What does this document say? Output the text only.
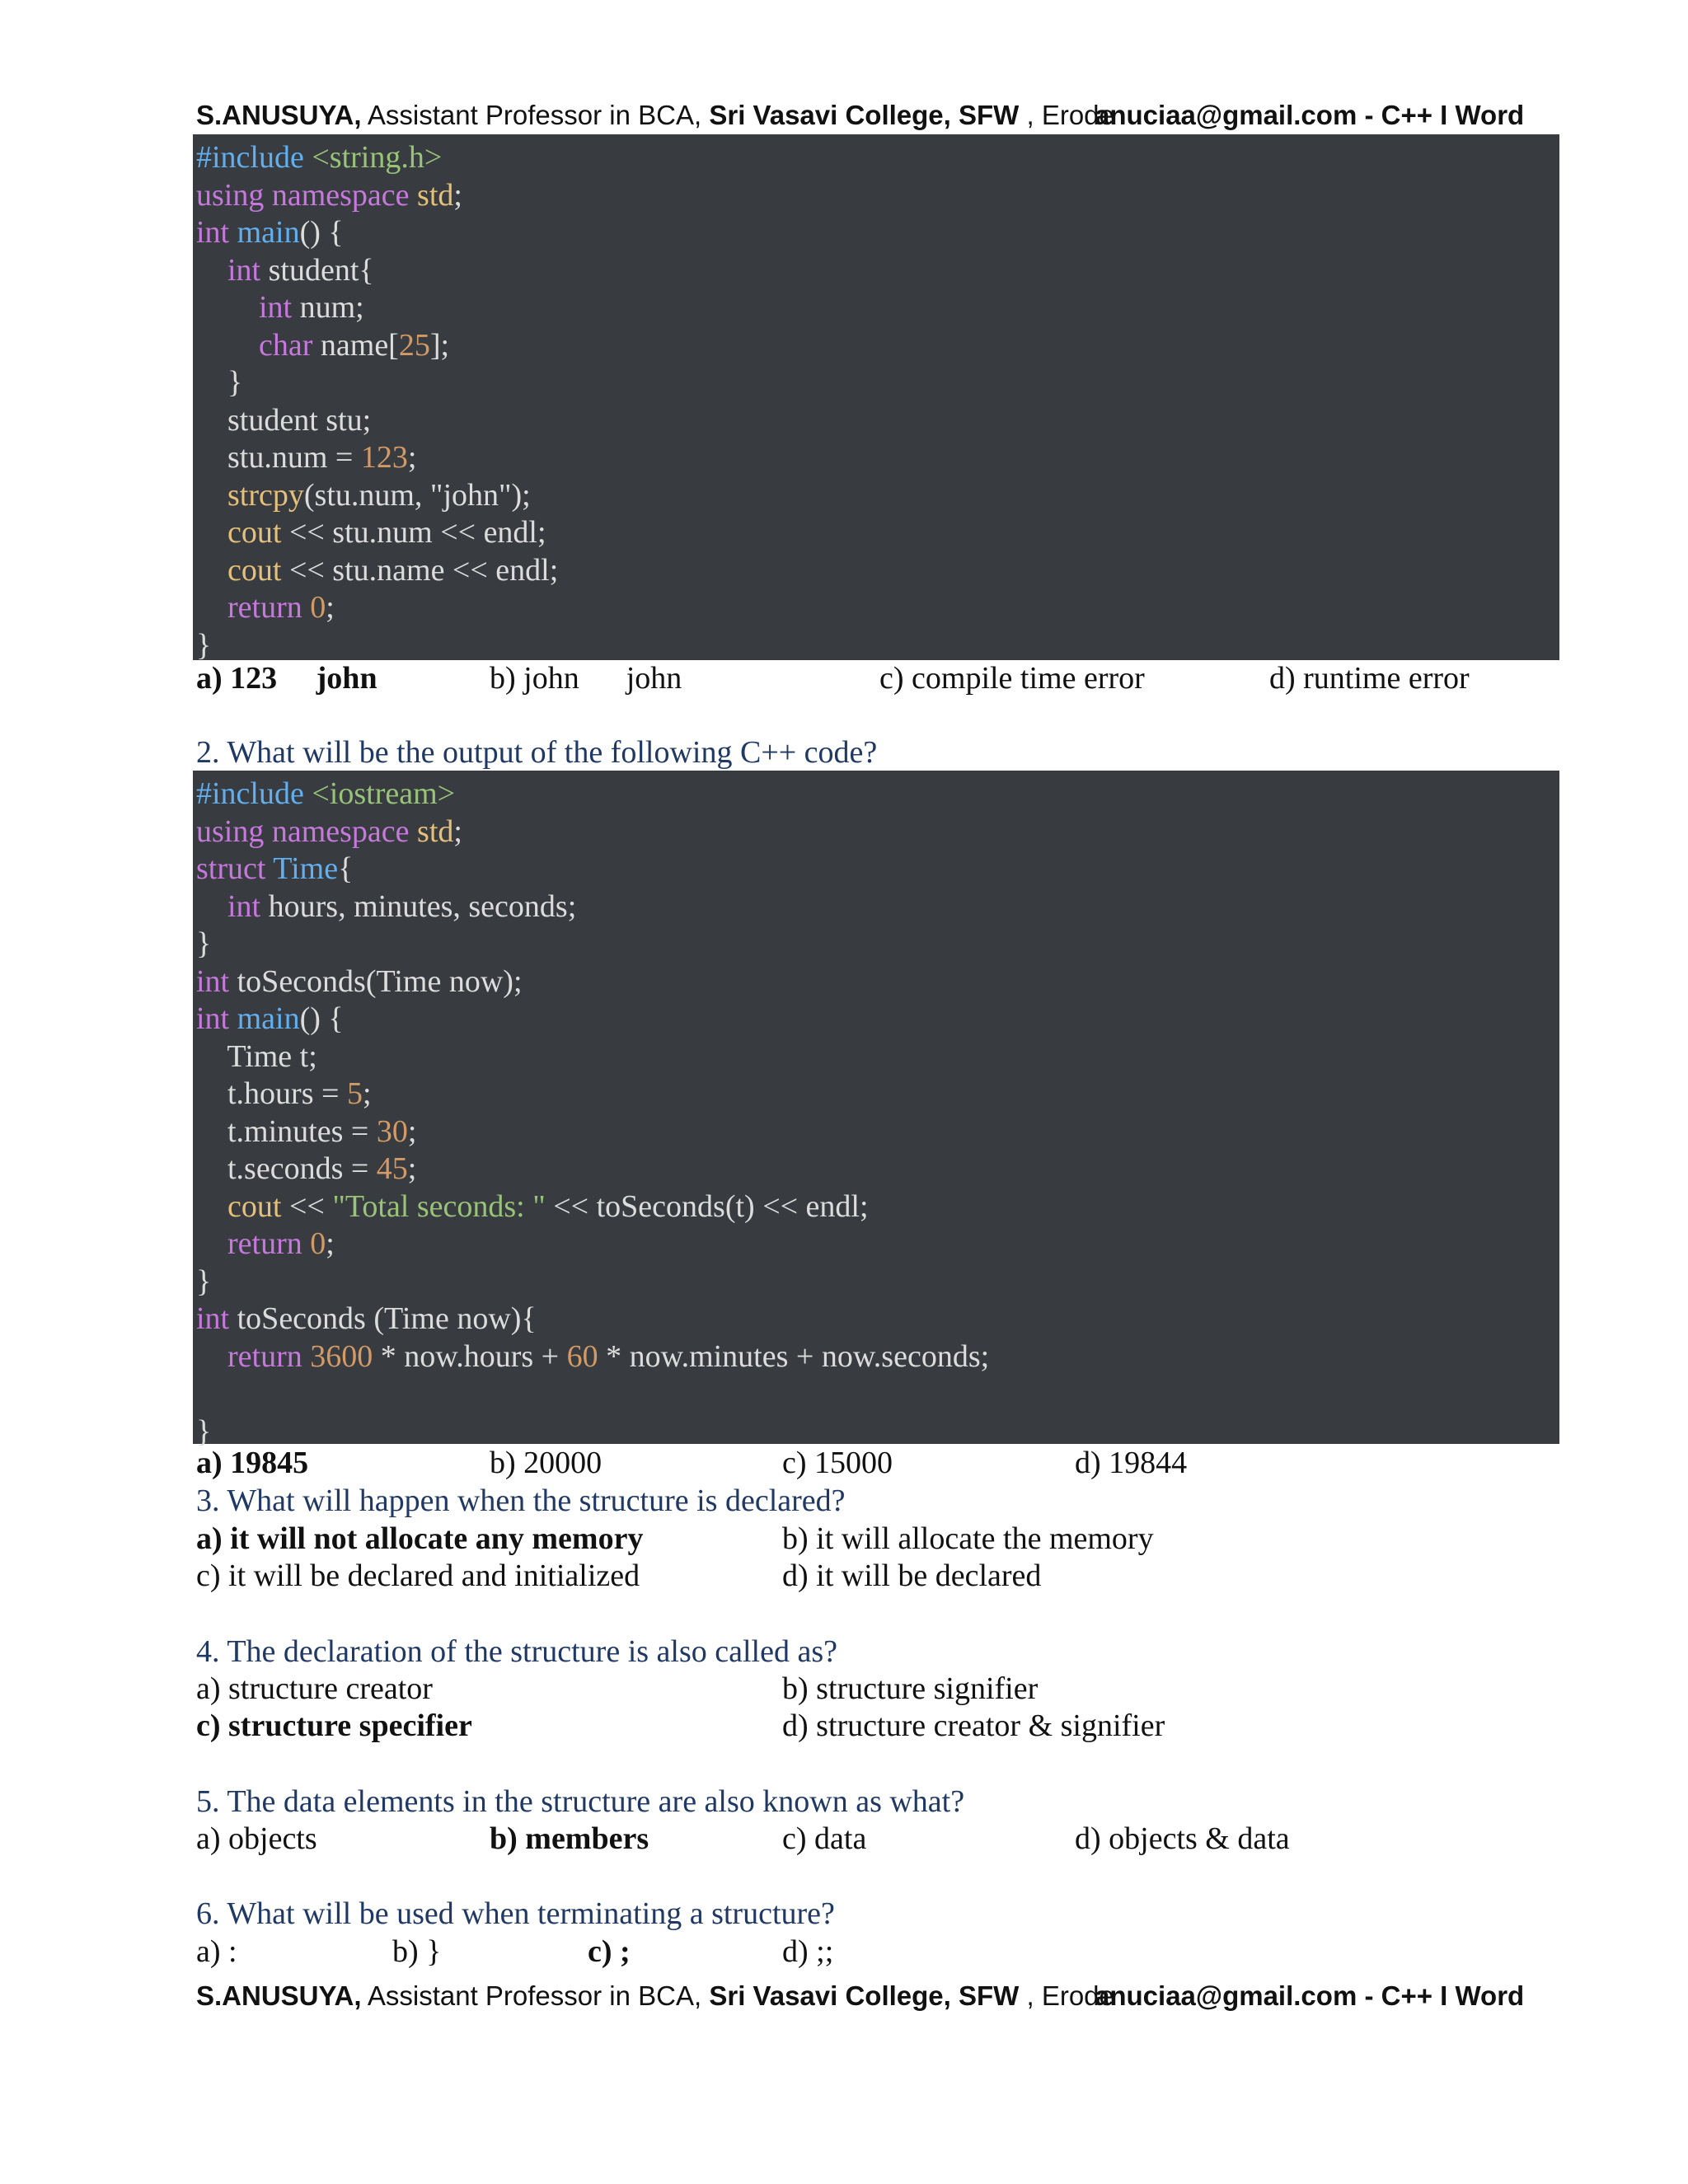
S.ANUSUYA, Assistant Professor in BCA, Sri Vasavi College, SFW , Erode
anuciaa@gmail.com - C++ I Word
#include <string.h>
using namespace std;
int main() {
int student{
int num;
char name[25];
}
student stu;
stu.num = 123;
strcpy(stu.num, "john");
cout << stu.num << endl;
cout << stu.name << endl;
return 0;
}
a) 123     john	b) john      john	c) compile time error	d) runtime error
2. What will be the output of the following C++ code?
#include <iostream>
using namespace std;
struct Time{
int hours, minutes, seconds;
}
int toSeconds(Time now);
int main() {
Time t;
t.hours = 5;
t.minutes = 30;
t.seconds = 45;
cout << "Total seconds: " << toSeconds(t) << endl;
return 0;
}
int toSeconds (Time now){
return 3600 * now.hours + 60 * now.minutes + now.seconds;

}
a) 19845	b) 20000	c) 15000	d) 19844
3. What will happen when the structure is declared?
a) it will not allocate any memory	b) it will allocate the memory
c) it will be declared and initialized	d) it will be declared
4. The declaration of the structure is also called as?
a) structure creator	b) structure signifier
c) structure specifier	d) structure creator & signifier
5. The data elements in the structure are also known as what?
a) objects	b) members	c) data	d) objects & data
6. What will be used when terminating a structure?
a) :	b) }	c) ;	d) ;;
S.ANUSUYA, Assistant Professor in BCA, Sri Vasavi College, SFW , Erode
anuciaa@gmail.com - C++ I Word
